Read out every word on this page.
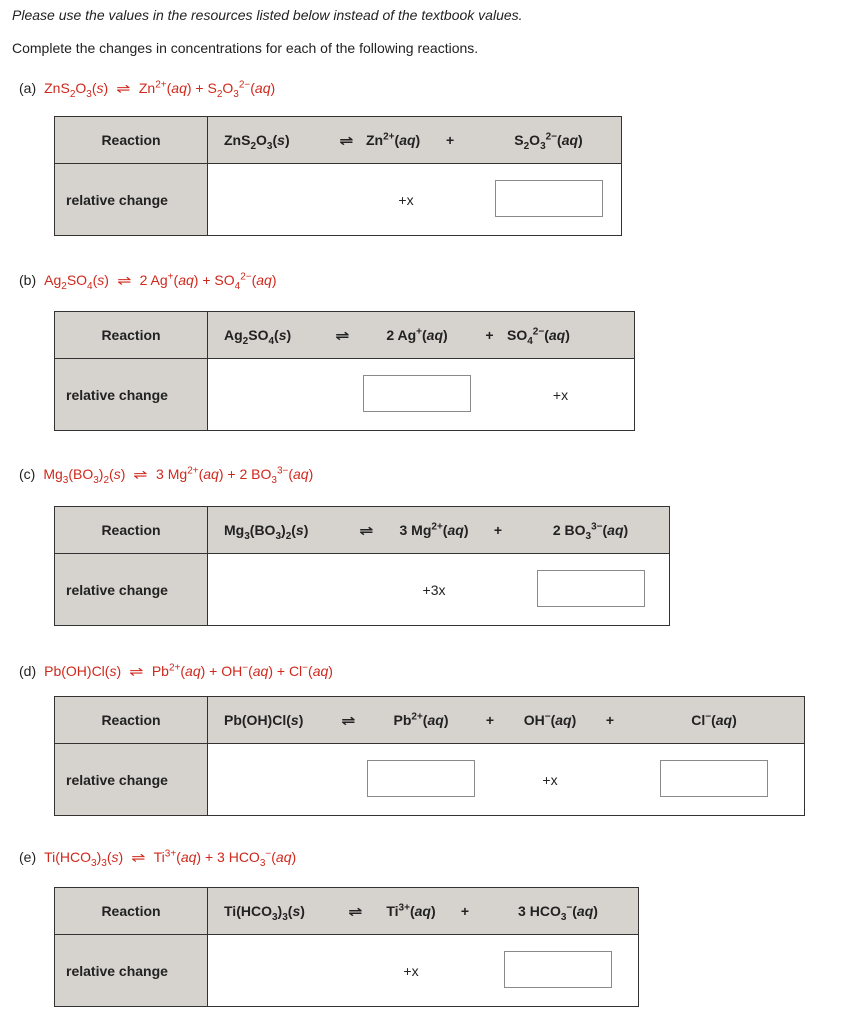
Please use the values in the resources listed below instead of the textbook values.
Complete the changes in concentrations for each of the following reactions.
(a) $ZnS_2O_3(s)$ ⇌ $Zn^{2+}(aq) + S_2O_3^{2-}(aq)$
Reaction	$ZnS_2O_3(s)$	⇌	$Zn^{2+}(aq)$	+	$S_2O_3^{2-}(aq)$
relative change			+x		
(b) $Ag_2SO_4(s)$ ⇌ 2 $Ag^+(aq) + SO_4^{2-}(aq)$
Reaction	$Ag_2SO_4(s)$	⇌	2 Ag+(aq)	+	$SO_4^{2-}(aq)$
relative change					+x
(c) $Mg_3(BO_3)_2(s)$ ⇌ 3 $Mg^{2+}(aq) + 2$ $BO_3^{3-}(aq)$
Reaction	$Mg_3(BO_3)_2(s)$	⇌	3 $Mg^{2+}(aq)$	+	2 $BO_3^{3-}(aq)$
relative change			+3x		
(d) Pb(OH)Cl(s) ⇌ $Pb^{2+}(aq) + OH^-(aq) + Cl^-(aq)$
Reaction	Pb(OH)Cl(s)	⇌	$Pb^{2+}(aq)$	+	OH−(aq)	+	Cl−(aq)
relative change					+x		
(e) $Ti(HCO_3)_3(s)$ ⇌ $Ti^{3+}(aq) + 3$ $HCO_3^-(aq)$
Reaction	$Ti(HCO_3)_3(s)$	⇌	$Ti^{3+}(aq)$	+	3 $HCO_3^-(aq)$
relative change			+x		
